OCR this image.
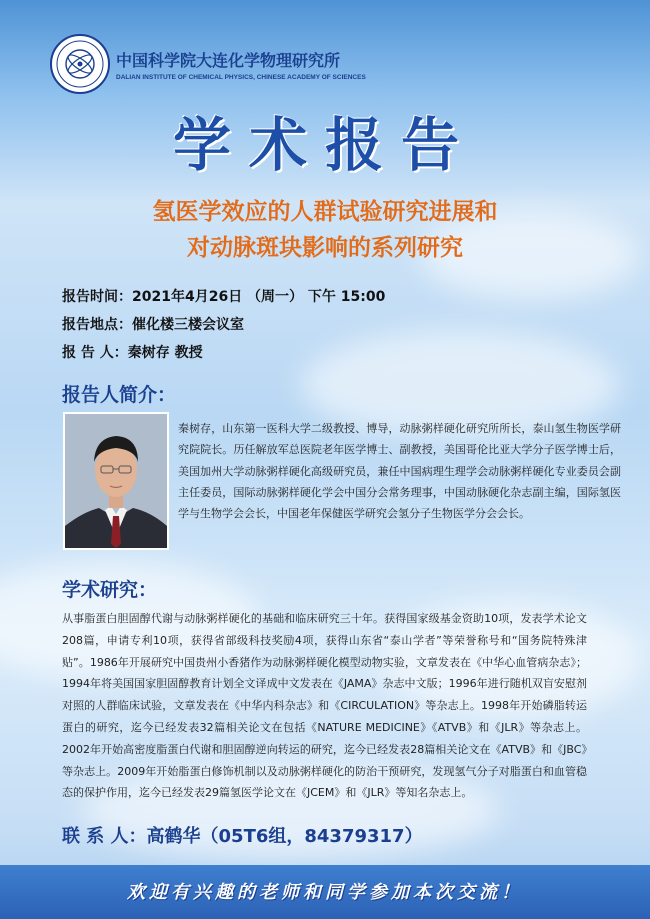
中国科学院大连化学物理研究所
DALIAN INSTITUTE OF CHEMICAL PHYSICS, CHINESE ACADEMY OF SCIENCES
学术报告
氢医学效应的人群试验研究进展和
对动脉斑块影响的系列研究
报告时间：2021年4月26日 （周一） 下午 15:00
报告地点：催化楼三楼会议室
报 告 人：秦树存 教授
报告人简介：
秦树存，山东第一医科大学二级教授、博导，动脉粥样硬化研究所所长，泰山氢生物医学研究院院长。历任解放军总医院老年医学博士、副教授，美国哥伦比亚大学分子医学博士后，美国加州大学动脉粥样硬化高级研究员，兼任中国病理生理学会动脉粥样硬化专业委员会副主任委员，国际动脉粥样硬化学会中国分会常务理事，中国动脉硬化杂志副主编，国际氢医学与生物学会会长，中国老年保健医学研究会氢分子生物医学分会会长。
学术研究：
从事脂蛋白胆固醇代谢与动脉粥样硬化的基础和临床研究三十年。获得国家级基金资助10项，发表学术论文208篇，申请专利10项，获得省部级科技奖励4项，获得山东省“泰山学者”等荣誉称号和“国务院特殊津贴”。1986年开展研究中国贵州小香猪作为动脉粥样硬化模型动物实验，文章发表在《中华心血管病杂志》；1994年将美国国家胆固醇教育计划全文译成中文发表在《JAMA》杂志中文版；1996年进行随机双盲安慰剂对照的人群临床试验，文章发表在《中华内科杂志》和《CIRCULATION》等杂志上。1998年开始磷脂转运蛋白的研究，迄今已经发表32篇相关论文在包括《NATURE MEDICINE》《ATVB》和《JLR》等杂志上。2002年开始高密度脂蛋白代谢和胆固醇逆向转运的研究，迄今已经发表28篇相关论文在《ATVB》和《JBC》等杂志上。2009年开始脂蛋白修饰机制以及动脉粥样硬化的防治干预研究，发现氢气分子对脂蛋白和血管稳态的保护作用，迄今已经发表29篇氢医学论文在《JCEM》和《JLR》等知名杂志上。
联 系 人：高鹤华（05T6组，84379317）
欢迎有兴趣的老师和同学参加本次交流！
